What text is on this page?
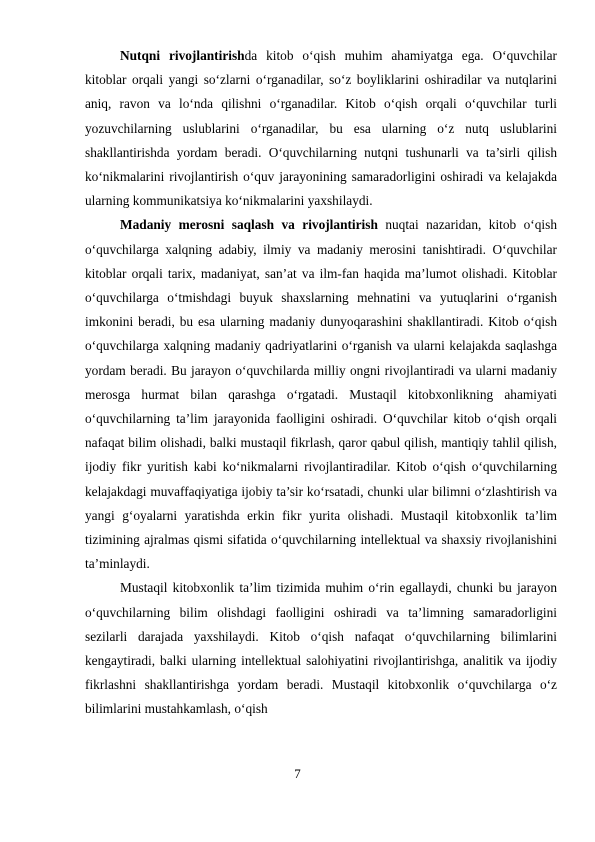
Nutqni rivojlantirishda kitob o‘qish muhim ahamiyatga ega. O‘quvchilar kitoblar orqali yangi so‘zlarni o‘rganadilar, so‘z boyliklarini oshiradilar va nutqlarini aniq, ravon va lo‘nda qilishni o‘rganadilar. Kitob o‘qish orqali o‘quvchilar turli yozuvchilarning uslublarini o‘rganadilar, bu esa ularning o‘z nutq uslublarini shakllantirishda yordam beradi. O‘quvchilarning nutqni tushunarli va ta’sirli qilish ko‘nikmalarini rivojlantirish o‘quv jarayonining samaradorligini oshiradi va kelajakda ularning kommunikatsiya ko‘nikmalarini yaxshilaydi.

Madaniy merosni saqlash va rivojlantirish nuqtai nazaridan, kitob o‘qish o‘quvchilarga xalqning adabiy, ilmiy va madaniy merosini tanishtiradi. O‘quvchilar kitoblar orqali tarix, madaniyat, san’at va ilm-fan haqida ma’lumot olishadi. Kitoblar o‘quvchilarga o‘tmishdagi buyuk shaxslarning mehnatini va yutuqlarini o‘rganish imkonini beradi, bu esa ularning madaniy dunyoqarashini shakllantiradi. Kitob o‘qish o‘quvchilarga xalqning madaniy qadriyatlarini o‘rganish va ularni kelajakda saqlashga yordam beradi. Bu jarayon o‘quvchilarda milliy ongni rivojlantiradi va ularni madaniy merosga hurmat bilan qarashga o‘rgatadi. Mustaqil kitobxonlikning ahamiyati o‘quvchilarning ta’lim jarayonida faolligini oshiradi. O‘quvchilar kitob o‘qish orqali nafaqat bilim olishadi, balki mustaqil fikrlash, qaror qabul qilish, mantiqiy tahlil qilish, ijodiy fikr yuritish kabi ko‘nikmalarni rivojlantiradilar. Kitob o‘qish o‘quvchilarning kelajakdagi muvaffaqiyatiga ijobiy ta’sir ko‘rsatadi, chunki ular bilimni o‘zlashtirish va yangi g‘oyalarni yaratishda erkin fikr yurita olishadi. Mustaqil kitobxonlik ta’lim tizimining ajralmas qismi sifatida o‘quvchilarning intellektual va shaxsiy rivojlanishini ta’minlaydi.

Mustaqil kitobxonlik ta’lim tizimida muhim o‘rin egallaydi, chunki bu jarayon o‘quvchilarning bilim olishdagi faolligini oshiradi va ta’limning samaradorligini sezilarli darajada yaxshilaydi. Kitob o‘qish nafaqat o‘quvchilarning bilimlarini kengaytiradi, balki ularning intellektual salohiyatini rivojlantirishga, analitik va ijodiy fikrlashni shakllantirishga yordam beradi. Mustaqil kitobxonlik o‘quvchilarga o‘z bilimlarini mustahkamlash, o‘qish

7
